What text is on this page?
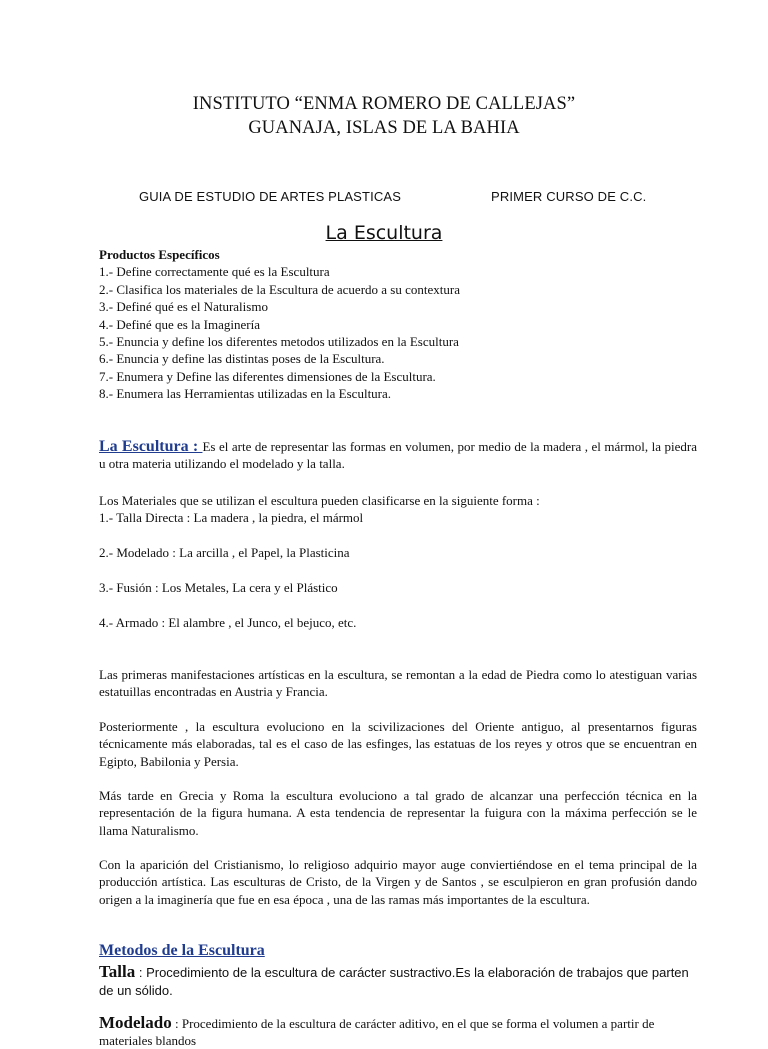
INSTITUTO “ENMA ROMERO DE CALLEJAS”
GUANAJA, ISLAS DE LA BAHIA
GUIA DE ESTUDIO DE ARTES PLASTICAS	PRIMER CURSO DE C.C.
La Escultura
Productos Específicos
1.- Define correctamente qué es la Escultura
2.- Clasifica los materiales de la Escultura de acuerdo a su contextura
3.- Definé qué es el Naturalismo
4.- Definé que es la Imaginería
5.- Enuncia y define los diferentes metodos utilizados en la Escultura
6.- Enuncia y define las distintas poses de la Escultura.
7.- Enumera y Define las diferentes dimensiones de la Escultura.
8.- Enumera las Herramientas utilizadas en la Escultura.
La Escultura : Es el arte de representar las formas en volumen, por medio de la madera , el mármol, la piedra u otra materia utilizando el modelado y la talla.
Los Materiales que se utilizan el escultura pueden clasificarse en la siguiente forma :
1.- Talla Directa : La madera , la piedra, el mármol
2.- Modelado : La arcilla , el Papel, la Plasticina
3.- Fusión : Los Metales, La cera y el Plástico
4.- Armado : El alambre , el Junco, el bejuco, etc.
Las primeras manifestaciones artísticas en la escultura, se remontan a la edad de Piedra como lo atestiguan varias estatuillas encontradas en Austria y Francia.
Posteriormente , la escultura evoluciono en la scivilizaciones del Oriente antiguo, al presentarnos figuras técnicamente más elaboradas, tal es el caso de las esfinges, las estatuas de los reyes y otros que se encuentran en Egipto, Babilonia y Persia.
Más tarde en Grecia y Roma la escultura evoluciono a tal grado de alcanzar una perfección técnica en la representación de la figura humana. A esta tendencia de representar la fuigura con la máxima perfección se le llama Naturalismo.
Con la aparición del Cristianismo, lo religioso adquirio mayor auge conviertiéndose en el tema principal de la producción artística. Las esculturas de Cristo, de la Virgen y de Santos , se esculpieron en gran profusión dando origen a la imaginería que fue en esa época , una de las ramas más importantes de la escultura.
Metodos de la Escultura
Talla : Procedimiento de la escultura de carácter sustractivo.Es la elaboración de trabajos que parten de un sólido.
Modelado : Procedimiento de la escultura de carácter aditivo, en el que se forma el volumen a partir de materiales blandos
